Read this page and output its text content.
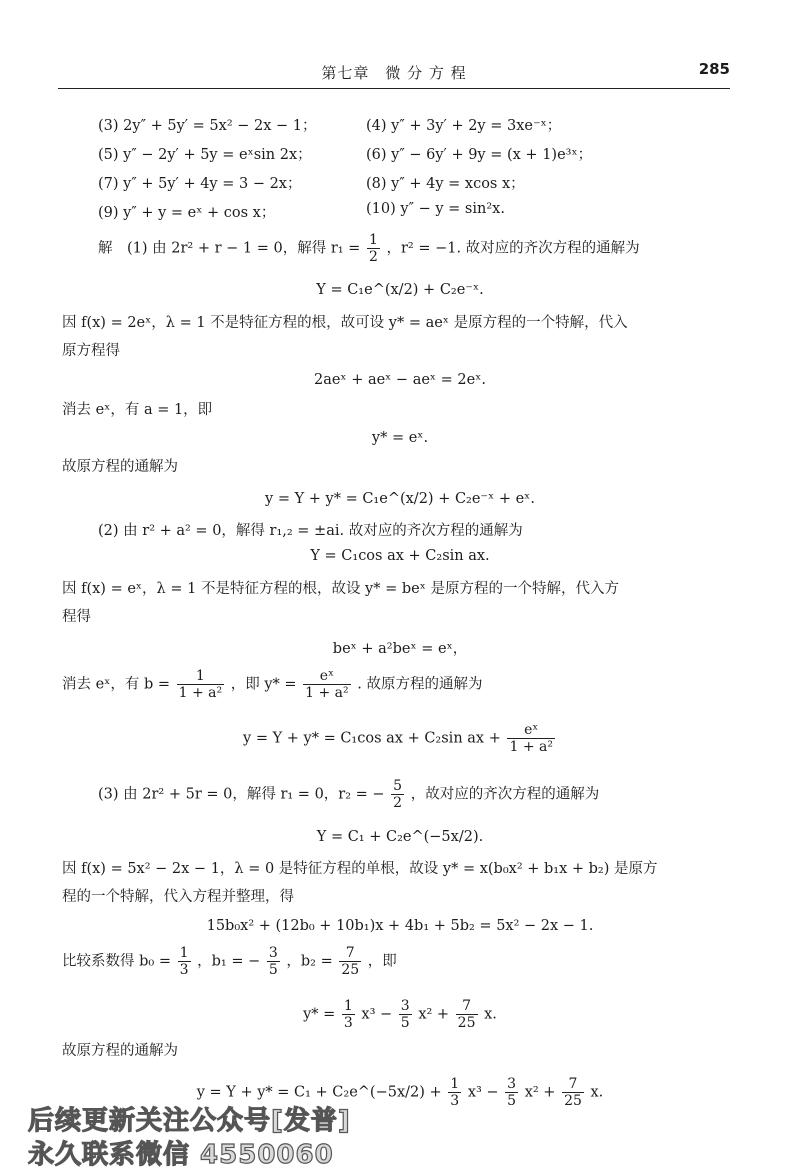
第七章　微 分 方 程	285
(3) 2y″ + 5y′ = 5x² − 2x − 1；	(4) y″ + 3y′ + 2y = 3xe⁻ˣ；
(5) y″ − 2y′ + 5y = eˣsin 2x；	(6) y″ − 6y′ + 9y = (x + 1)e³ˣ；
(7) y″ + 5y′ + 4y = 3 − 2x；	(8) y″ + 4y = xcos x；
(9) y″ + y = eˣ + cos x；	(10) y″ − y = sin²x.
解　(1) 由 2r² + r − 1 = 0，解得 $r_1 = \frac{1}{2}$ ，r² = −1. 故对应的齐次方程的通解为
Y = C₁e^(x/2) + C₂e⁻ˣ.
因 f(x) = 2eˣ，λ = 1 不是特征方程的根，故可设 y* = aeˣ 是原方程的一个特解，代入
原方程得
2aeˣ + aeˣ − aeˣ = 2eˣ.
消去 eˣ，有 a = 1，即
y* = eˣ.
故原方程的通解为
y = Y + y* = C₁e^(x/2) + C₂e⁻ˣ + eˣ.
(2) 由 r² + a² = 0，解得 r₁,₂ = ±ai. 故对应的齐次方程的通解为
Y = C₁cos ax + C₂sin ax.
因 f(x) = eˣ，λ = 1 不是特征方程的根，故设 y* = beˣ 是原方程的一个特解，代入方
程得
beˣ + a²beˣ = eˣ，
消去 eˣ，有 $b = \frac{1}{\text{1 + a²}}$ ，即 $y* = \frac{\text{eˣ}}{\text{1 + a²}}$ . 故原方程的通解为
y = Y + y* = C₁cos ax + C₂sin ax + $\frac{\text{eˣ}}{\text{1 + a²}}$
(3) 由 2r² + 5r = 0，解得 r₁ = 0，r₂ = − $\frac{5}{2}$ ，故对应的齐次方程的通解为
Y = C₁ + C₂e^(−5x/2).
因 f(x) = 5x² − 2x − 1，λ = 0 是特征方程的单根，故设 y* = x(b₀x² + b₁x + b₂) 是原方
程的一个特解，代入方程并整理，得
15b₀x² + (12b₀ + 10b₁)x + 4b₁ + 5b₂ = 5x² − 2x − 1.
比较系数得 $b_0 = \frac{1}{3}$ ，b₁ = − $\frac{3}{5}$ ，$b_2 = \frac{7}{25}$ ，即
$y* = \frac{1}{3} x^3 - \frac{3}{5} x^2 + \frac{7}{25} x$.
故原方程的通解为
y = Y + y* = C₁ + C₂e^(−5x/2) + $\frac{1}{3} x^3 - \frac{3}{5} x^2 + \frac{7}{25} x$.
后续更新关注公众号[发普]
永久联系微信 4550060
